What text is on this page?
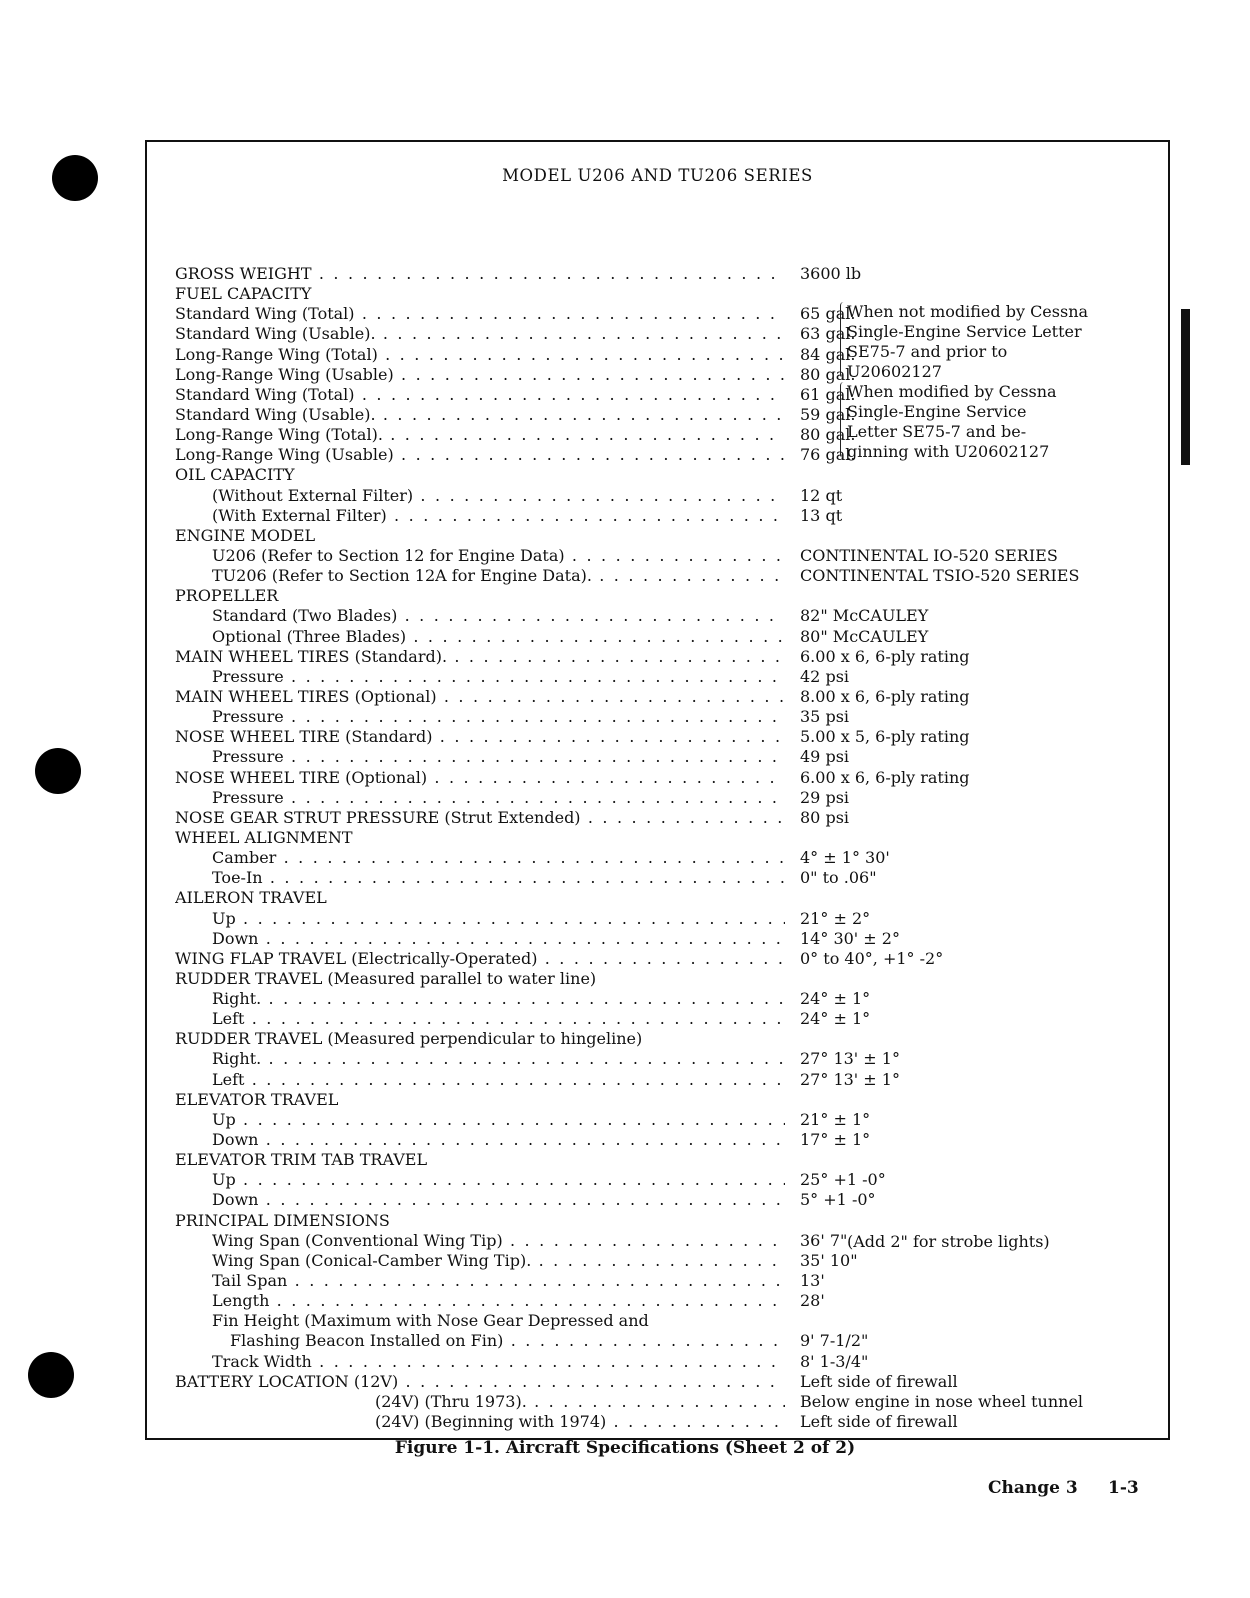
MODEL U206 AND TU206 SERIES
GROSS WEIGHT . . .	3600 lb
FUEL CAPACITY
Standard Wing (Total) . . .	65 gal.
Standard Wing (Usable). . . .	63 gal.
Long-Range Wing (Total) . . .	84 gal.
Long-Range Wing (Usable) . . .	80 gal.
Standard Wing (Total) . . .	61 gal.
Standard Wing (Usable). . . .	59 gal.
Long-Range Wing (Total). . . .	80 gal.
Long-Range Wing (Usable) . . .	76 gal.
OIL CAPACITY
(Without External Filter) . . .	12 qt
(With External Filter) . . .	13 qt
ENGINE MODEL
U206 (Refer to Section 12 for Engine Data) . . .	CONTINENTAL IO-520 SERIES
TU206 (Refer to Section 12A for Engine Data). . . .	CONTINENTAL TSIO-520 SERIES
PROPELLER
Standard (Two Blades) . . .	82" McCAULEY
Optional (Three Blades) . . .	80" McCAULEY
MAIN WHEEL TIRES (Standard). . . .	6.00 x 6, 6-ply rating
Pressure . . .	42 psi
MAIN WHEEL TIRES (Optional) . . .	8.00 x 6, 6-ply rating
Pressure . . .	35 psi
NOSE WHEEL TIRE (Standard) . . .	5.00 x 5, 6-ply rating
Pressure . . .	49 psi
NOSE WHEEL TIRE (Optional) . . .	6.00 x 6, 6-ply rating
Pressure . . .	29 psi
NOSE GEAR STRUT PRESSURE (Strut Extended) . . .	80 psi
WHEEL ALIGNMENT
Camber . . .	4° ± 1° 30'
Toe-In . . .	0" to .06"
AILERON TRAVEL
Up . . .	21° ± 2°
Down . . .	14° 30' ± 2°
WING FLAP TRAVEL (Electrically-Operated) . . .	0° to 40°, +1° -2°
RUDDER TRAVEL (Measured parallel to water line)
Right. . . .	24° ± 1°
Left . . .	24° ± 1°
RUDDER TRAVEL (Measured perpendicular to hingeline)
Right. . . .	27° 13' ± 1°
Left . . .	27° 13' ± 1°
ELEVATOR TRAVEL
Up . . .	21° ± 1°
Down . . .	17° ± 1°
ELEVATOR TRIM TAB TRAVEL
Up . . .	25° +1 -0°
Down . . .	5° +1 -0°
PRINCIPAL DIMENSIONS
Wing Span (Conventional Wing Tip) . . .	36' 7"
Wing Span (Conical-Camber Wing Tip). . . .	35' 10"
Tail Span . . .	13'
Length . . .	28'
Fin Height (Maximum with Nose Gear Depressed and
Flashing Beacon Installed on Fin) . . .	9' 7-1/2"
Track Width . . .	8' 1-3/4"
BATTERY LOCATION (12V) . . .	Left side of firewall
(24V) (Thru 1973). . . .	Below engine in nose wheel tunnel
(24V) (Beginning with 1974) . . .	Left side of firewall
When not modified by Cessna
Single-Engine Service Letter
SE75-7 and prior to
U20602127
When modified by Cessna
Single-Engine Service
Letter SE75-7 and be-
ginning with U20602127
(Add 2" for strobe lights)
Figure 1-1. Aircraft Specifications (Sheet 2 of 2)
Change 3 1-3
